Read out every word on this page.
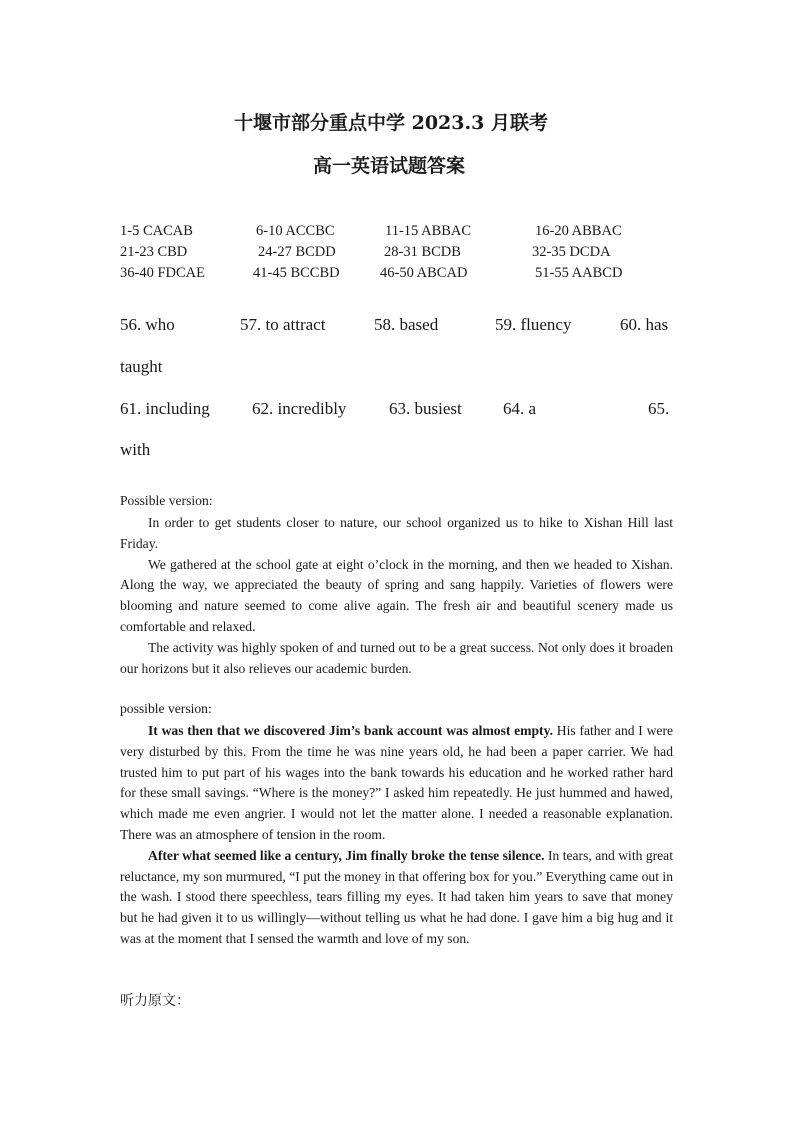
十堰市部分重点中学 2023.3 月联考
高一英语试题答案
1-5 CACAB	6-10 ACCBC	11-15 ABBAC	16-20 ABBAC
21-23 CBD	24-27 BCDD	28-31 BCDB	32-35 DCDA
36-40 FDCAE	41-45 BCCBD	46-50 ABCAD	51-55 AABCD
56. who	57. to attract	58. based	59. fluency	60. has
taught
61. including 62. incredibly	63. busiest 64. a	65.
with
Possible version:
In order to get students closer to nature, our school organized us to hike to Xishan Hill last Friday.
We gathered at the school gate at eight o’clock in the morning, and then we headed to Xishan. Along the way, we appreciated the beauty of spring and sang happily. Varieties of flowers were blooming and nature seemed to come alive again. The fresh air and beautiful scenery made us comfortable and relaxed.
The activity was highly spoken of and turned out to be a great success. Not only does it broaden our horizons but it also relieves our academic burden.
possible version:
It was then that we discovered Jim’s bank account was almost empty. His father and I were very disturbed by this. From the time he was nine years old, he had been a paper carrier. We had trusted him to put part of his wages into the bank towards his education and he worked rather hard for these small savings. “Where is the money?” I asked him repeatedly. He just hummed and hawed, which made me even angrier. I would not let the matter alone. I needed a reasonable explanation. There was an atmosphere of tension in the room.
After what seemed like a century, Jim finally broke the tense silence. In tears, and with great reluctance, my son murmured, “I put the money in that offering box for you.” Everything came out in the wash. I stood there speechless, tears filling my eyes. It had taken him years to save that money but he had given it to us willingly—without telling us what he had done. I gave him a big hug and it was at the moment that I sensed the warmth and love of my son.
听力原文：
